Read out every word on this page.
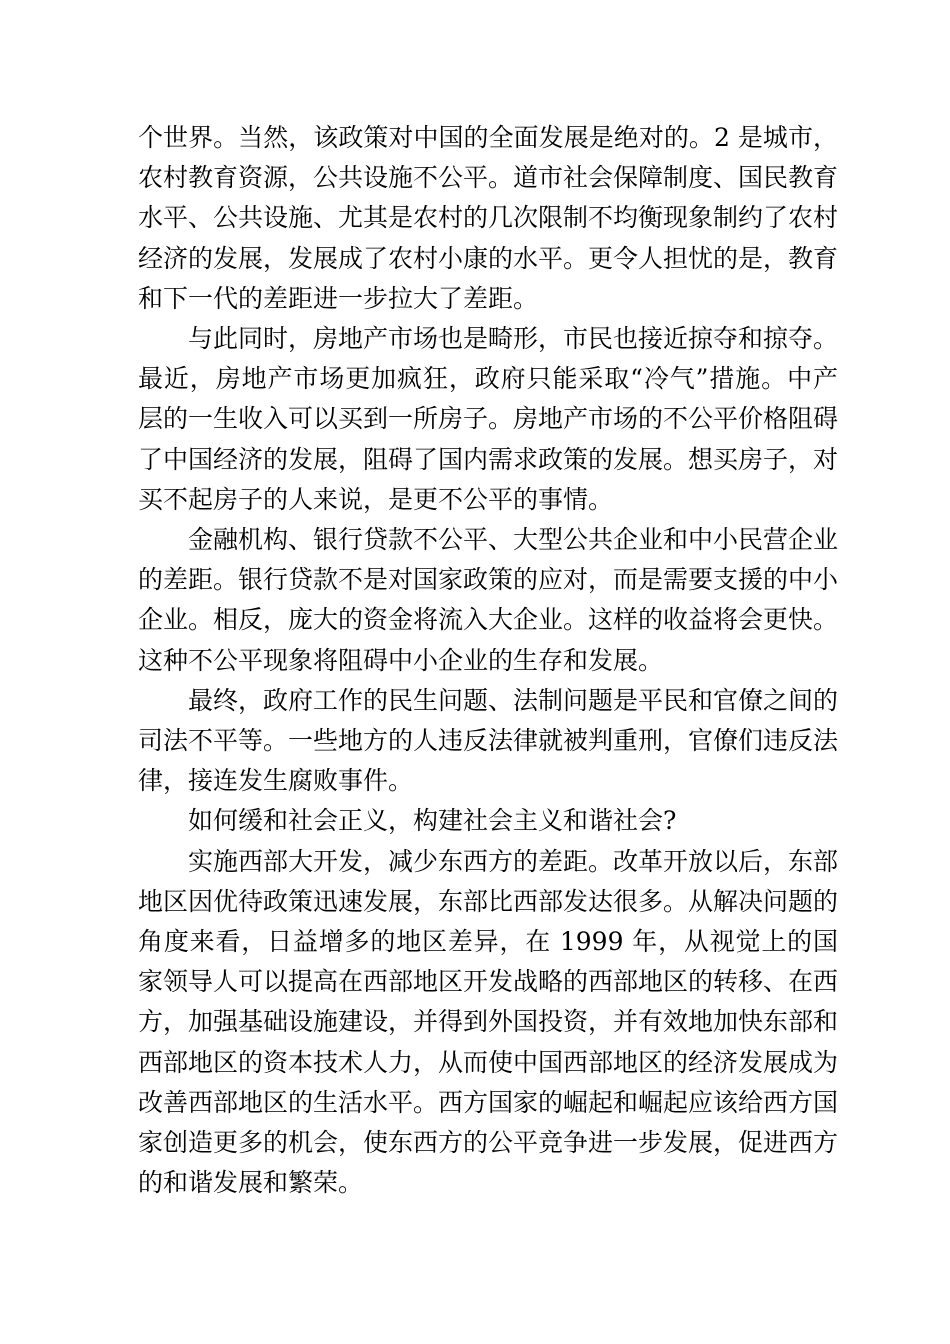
个世界。当然，该政策对中国的全面发展是绝对的。2 是城市，农村教育资源，公共设施不公平。道市社会保障制度、国民教育水平、公共设施、尤其是农村的几次限制不均衡现象制约了农村经济的发展，发展成了农村小康的水平。更令人担忧的是，教育和下一代的差距进一步拉大了差距。

与此同时，房地产市场也是畸形，市民也接近掠夺和掠夺。最近，房地产市场更加疯狂，政府只能采取“冷气”措施。中产层的一生收入可以买到一所房子。房地产市场的不公平价格阻碍了中国经济的发展，阻碍了国内需求政策的发展。想买房子，对买不起房子的人来说，是更不公平的事情。

金融机构、银行贷款不公平、大型公共企业和中小民营企业的差距。银行贷款不是对国家政策的应对，而是需要支援的中小企业。相反，庞大的资金将流入大企业。这样的收益将会更快。这种不公平现象将阻碍中小企业的生存和发展。

最终，政府工作的民生问题、法制问题是平民和官僚之间的司法不平等。一些地方的人违反法律就被判重刑，官僚们违反法律，接连发生腐败事件。

如何缓和社会正义，构建社会主义和谐社会?

实施西部大开发，减少东西方的差距。改革开放以后，东部地区因优待政策迅速发展，东部比西部发达很多。从解决问题的角度来看，日益增多的地区差异，在 1999 年，从视觉上的国家领导人可以提高在西部地区开发战略的西部地区的转移、在西方，加强基础设施建设，并得到外国投资，并有效地加快东部和西部地区的资本技术人力，从而使中国西部地区的经济发展成为改善西部地区的生活水平。西方国家的崛起和崛起应该给西方国家创造更多的机会，使东西方的公平竞争进一步发展，促进西方的和谐发展和繁荣。
